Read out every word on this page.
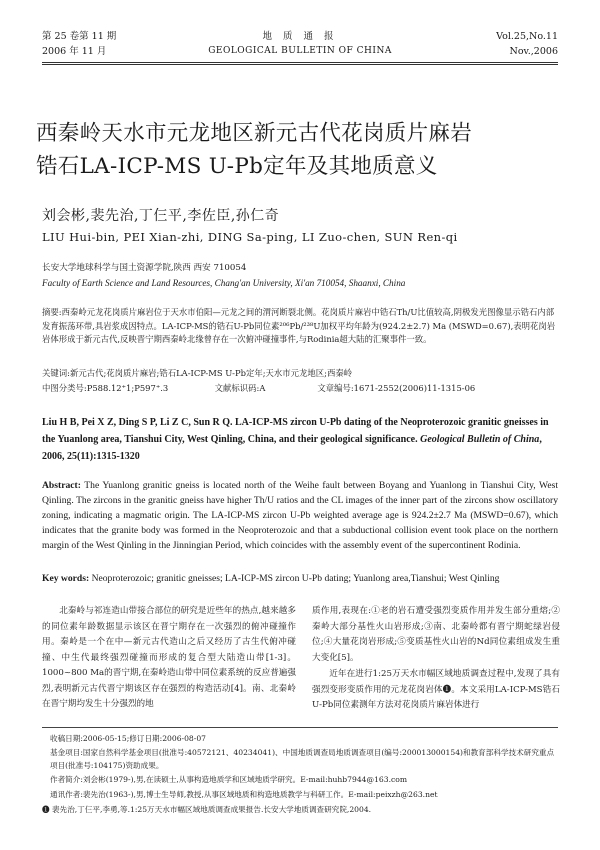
第 25 卷第 11 期
2006 年 11 月
地 质 通 报
GEOLOGICAL BULLETIN OF CHINA
Vol.25,No.11
Nov.,2006
西秦岭天水市元龙地区新元古代花岗质片麻岩
锆石LA-ICP-MS U-Pb定年及其地质意义
刘会彬,裴先治,丁仨平,李佐臣,孙仁奇
LIU Hui-bin, PEI Xian-zhi, DING Sa-ping, LI Zuo-chen, SUN Ren-qi
长安大学地球科学与国土资源学院,陕西 西安 710054
Faculty of Earth Science and Land Resources, Chang'an University, Xi'an 710054, Shaanxi, China
摘要:西秦岭元龙花岗质片麻岩位于天水市伯阳—元龙之间的渭河断裂北侧。花岗质片麻岩中锆石Th/U比值较高,阴极发光图像显示锆石内部发育振荡环带,具岩浆成因特点。LA-ICP-MS的锆石U-Pb同位素²⁰⁶Pb/²³⁸U加权平均年龄为(924.2±2.7) Ma (MSWD=0.67),表明花岗岩岩体形成于新元古代,反映晋宁期西秦岭北缘曾存在一次俯冲碰撞事件,与Rodinia超大陆的汇聚事件一致。
关键词:新元古代;花岗质片麻岩;锆石LA-ICP-MS U-Pb定年;天水市元龙地区;西秦岭
中图分类号:P588.12⁺1;P597⁺.3	文献标识码:A	文章编号:1671-2552(2006)11-1315-06
Liu H B, Pei X Z, Ding S P, Li Z C, Sun R Q. LA-ICP-MS zircon U-Pb dating of the Neoproterozoic granitic gneisses in the Yuanlong area, Tianshui City, West Qinling, China, and their geological significance. Geological Bulletin of China, 2006, 25(11):1315-1320
Abstract: The Yuanlong granitic gneiss is located north of the Weihe fault between Boyang and Yuanlong in Tianshui City, West Qinling. The zircons in the granitic gneiss have higher Th/U ratios and the CL images of the inner part of the zircons show oscillatory zoning, indicating a magmatic origin. The LA-ICP-MS zircon U-Pb weighted average age is 924.2±2.7 Ma (MSWD=0.67), which indicates that the granite body was formed in the Neoproterozoic and that a subductional collision event took place on the northern margin of the West Qinling in the Jinningian Period, which coincides with the assembly event of the supercontinent Rodinia.
Key words: Neoproterozoic; granitic gneisses; LA-ICP-MS zircon U-Pb dating; Yuanlong area,Tianshui; West Qinling
北秦岭与祁连造山带接合部位的研究是近些年的热点,越来越多的同位素年龄数据显示该区在晋宁期存在一次强烈的俯冲碰撞作用。秦岭是一个在中—新元古代造山之后又经历了古生代俯冲碰撞、中生代最终强烈碰撞而形成的复合型大陆造山带[1-3]。1000~800 Ma的晋宁期,在秦岭造山带中同位素系统的反应普遍强烈,表明新元古代晋宁期该区存在强烈的构造活动[4]。南、北秦岭在晋宁期均发生十分强烈的地
质作用,表现在:①老的岩石遭受强烈变质作用并发生部分重熔;②秦岭大部分基性火山岩形成;③南、北秦岭都有晋宁期蛇绿岩侵位;④大量花岗岩形成;⑤变质基性火山岩的Nd同位素组成发生重大变化[5]。
近年在进行1:25万天水市幅区域地质调查过程中,发现了具有强烈变形变质作用的元龙花岗岩体❶。本文采用LA-ICP-MS锆石U-Pb同位素测年方法对花岗质片麻岩体进行
收稿日期:2006-05-15;修订日期:2006-08-07
基金项目:国家自然科学基金项目(批准号:40572121、40234041)、中国地质调查局地质调查项目(编号:200013000154)和教育部科学技术研究重点项目(批准号:104175)资助成果。
作者简介:刘会彬(1979-),男,在读硕士,从事构造地质学和区域地质学研究。E-mail:huhb7944@163.com
通讯作者:裴先治(1963-),男,博士生导师,教授,从事区域地质和构造地质教学与科研工作。E-mail:peixzh@263.net
❶ 裴先治,丁仨平,李勇,等.1:25万天水市幅区域地质调查成果报告.长安大学地质调查研究院,2004.
